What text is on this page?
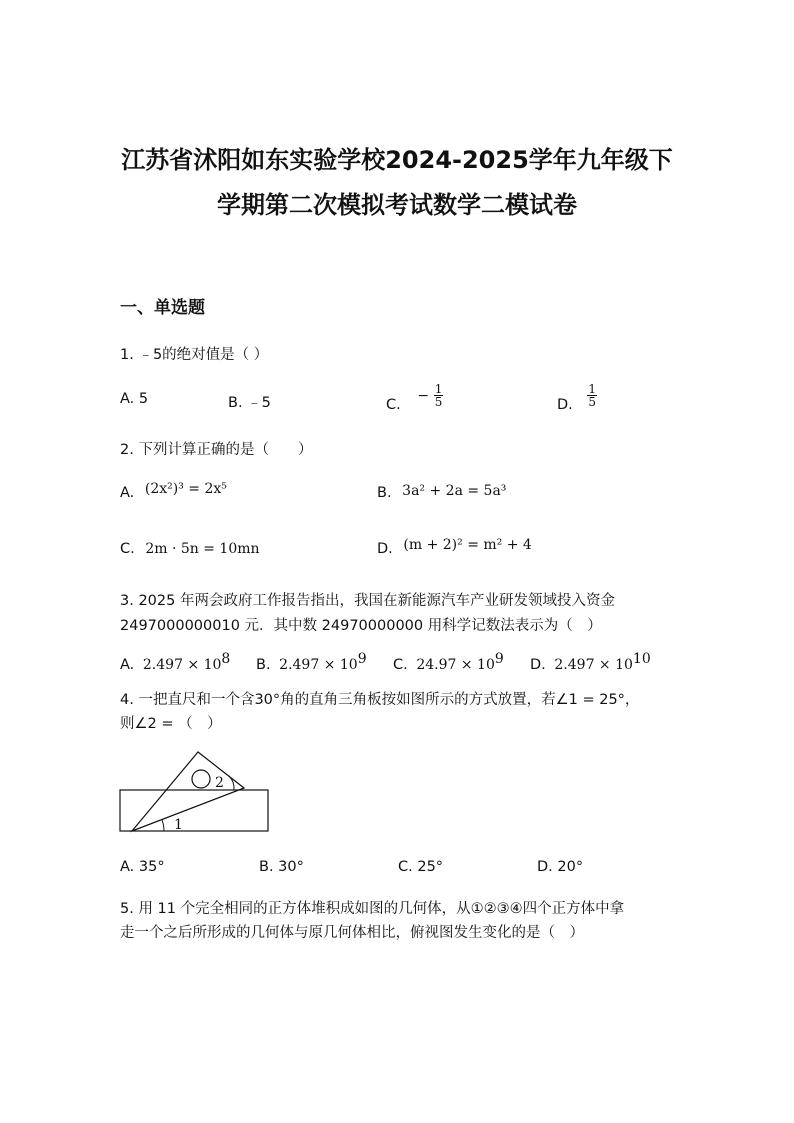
江苏省沭阳如东实验学校2024-2025学年九年级下
学期第二次模拟考试数学二模试卷
一、单选题
1. ﹣5的绝对值是（ ）
A. 5	B. ﹣5	C. − $\frac{1}{5}$	D. $\frac{1}{5}$
2. 下列计算正确的是（　　）
A. (2x²)³ = 2x⁵	B. 3a² + 2a = 5a³
C. 2m · 5n = 10mn	D. (m + 2)² = m² + 4
3. 2025 年两会政府工作报告指出，我国在新能源汽车产业研发领域投入资金
2497000000010 元．其中数 24970000000 用科学记数法表示为（　）
A. $2.497 \times 10^8$ B. $2.497 \times 10^9$ C. $24.97 \times 10^9$ D. $2.497 \times 10^{10}$
4. 一把直尺和一个含30°角的直角三角板按如图所示的方式放置，若∠1 = 25°，
则∠2 = （　）
1
2
A. 35°	B. 30°	C. 25°	D. 20°
5. 用 11 个完全相同的正方体堆积成如图的几何体，从①②③④四个正方体中拿
走一个之后所形成的几何体与原几何体相比，俯视图发生变化的是（　）
